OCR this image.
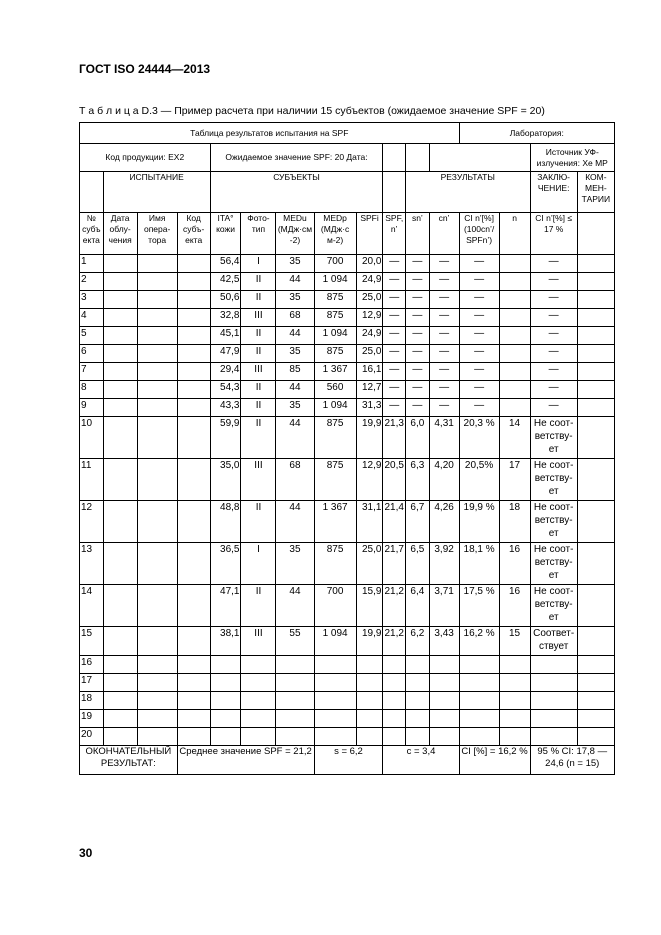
ГОСТ ISO 24444—2013
Т а б л и ц а D.3 — Пример расчета при наличии 15 субъектов (ожидаемое значение SPF = 20)
Таблица результатов испытания на SPF												Лаборатория:			
Код продукции: EX2				Ожидаемое значение SPF: 20 Дата:										Источник УФ-излучения: Xe MP	
	ИСПЫТАНИЕ			СУБЪЕКТЫ						РЕЗУЛЬТАТЫ				ЗАКЛЮ-ЧЕНИЕ:	КОМ-МЕН-ТАРИИ
№ субъ екта	Дата облу-чения	Имя опера-тора	Код субъ-екта	ITA° кожи	Фото-тип	MEDu (МДж·см -2)	MEDp (МДж·с м-2)	SPFi	SPF, n’	sn’	cn’	CI n’[%] (100cn’/ SPFn’)	n	CI n’[%] ≤ 17 %	
1				56,4	I	35	700	20,0	—	—	—	—		—	
2				42,5	II	44	1 094	24,9	—	—	—	—		—	
3				50,6	II	35	875	25,0	—	—	—	—		—	
4				32,8	III	68	875	12,9	—	—	—	—		—	
5				45,1	II	44	1 094	24,9	—	—	—	—		—	
6				47,9	II	35	875	25,0	—	—	—	—		—	
7				29,4	III	85	1 367	16,1	—	—	—	—		—	
8				54,3	II	44	560	12,7	—	—	—	—		—	
9				43,3	II	35	1 094	31,3	—	—	—	—		—	
10				59,9	II	44	875	19,9	21,3	6,0	4,31	20,3 %	14	Не соот-ветству-ет	
11				35,0	III	68	875	12,9	20,5	6,3	4,20	20,5%	17	Не соот-ветству-ет	
12				48,8	II	44	1 367	31,1	21,4	6,7	4,26	19,9 %	18	Не соот-ветству-ет	
13				36,5	I	35	875	25,0	21,7	6,5	3,92	18,1 %	16	Не соот-ветству-ет	
14				47,1	II	44	700	15,9	21,2	6,4	3,71	17,5 %	16	Не соот-ветству-ет	
15				38,1	III	55	1 094	19,9	21,2	6,2	3,43	16,2 %	15	Соответ-ствует	
16															
17															
18															
19															
20															
ОКОНЧАТЕЛЬНЫЙ РЕЗУЛЬТАТ:			Среднее значение SPF = 21,2				s = 6,2		c = 3,4			CI [%] = 16,2 %		95 % CI: 17,8 — 24,6 (n = 15)	
30
